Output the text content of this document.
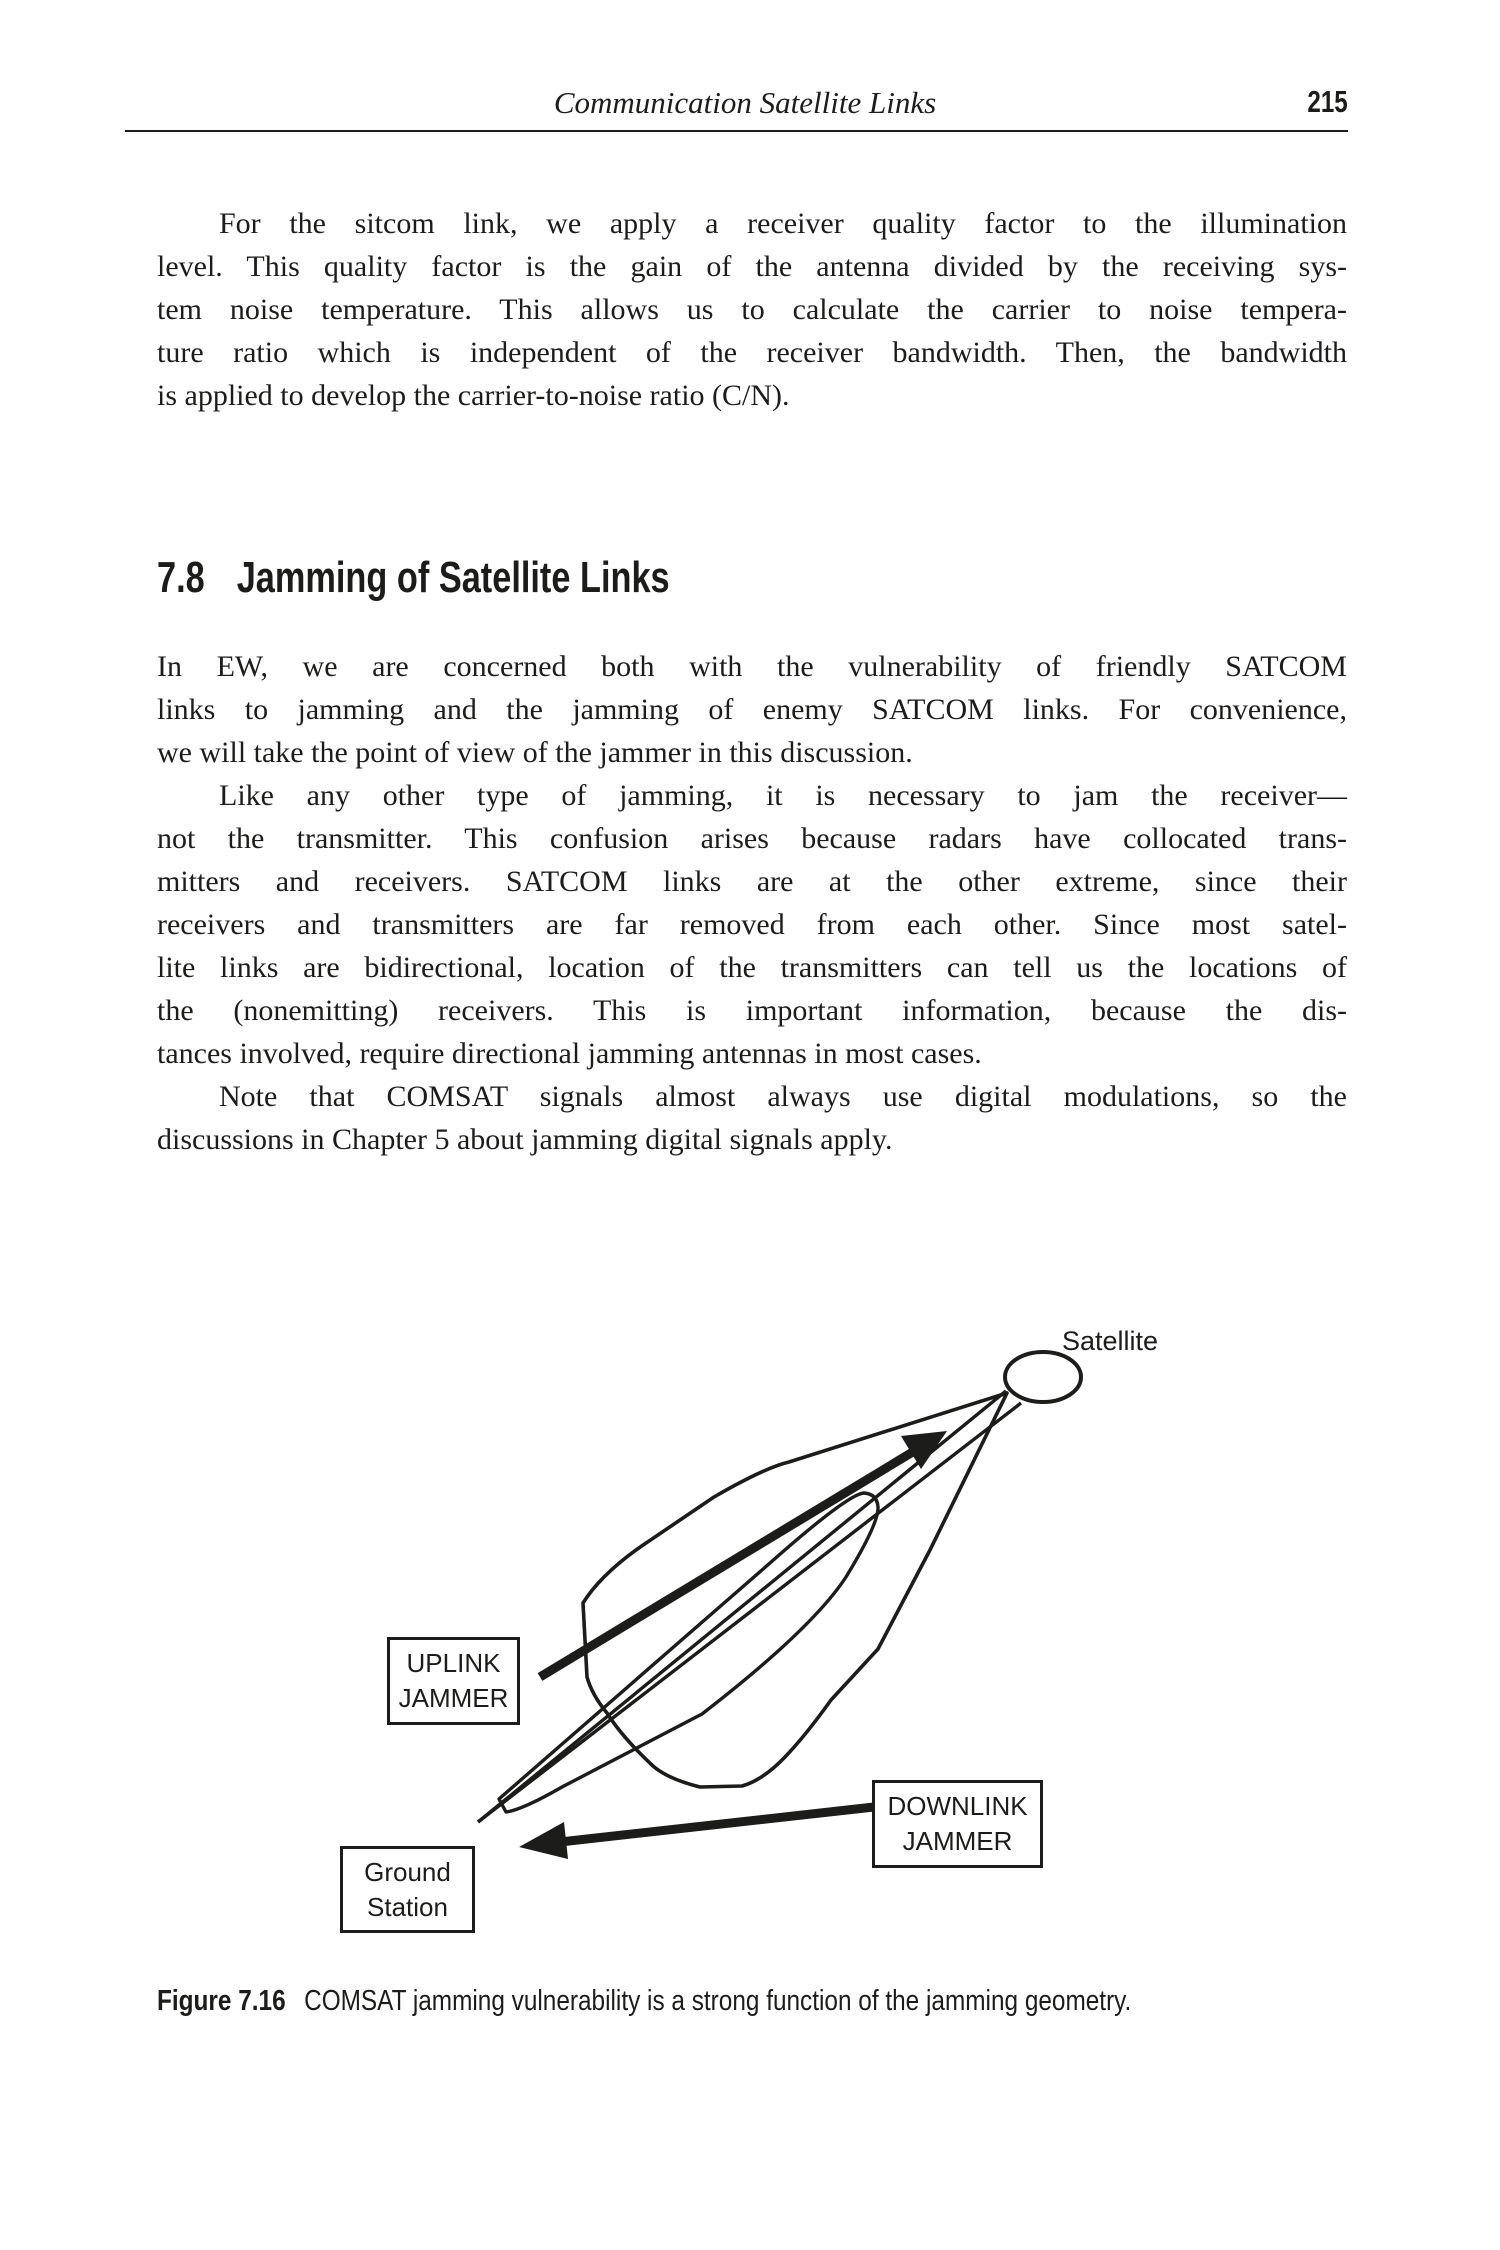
Communication Satellite Links	215
For the sitcom link, we apply a receiver quality factor to the illumination
level. This quality factor is the gain of the antenna divided by the receiving sys-
tem noise temperature. This allows us to calculate the carrier to noise tempera-
ture ratio which is independent of the receiver bandwidth. Then, the bandwidth
is applied to develop the carrier-to-noise ratio (C/N).
7.8 Jamming of Satellite Links
In EW, we are concerned both with the vulnerability of friendly SATCOM
links to jamming and the jamming of enemy SATCOM links. For convenience,
we will take the point of view of the jammer in this discussion.
Like any other type of jamming, it is necessary to jam the receiver—
not the transmitter. This confusion arises because radars have collocated trans-
mitters and receivers. SATCOM links are at the other extreme, since their
receivers and transmitters are far removed from each other. Since most satel-
lite links are bidirectional, location of the transmitters can tell us the locations of
the (nonemitting) receivers. This is important information, because the dis-
tances involved, require directional jamming antennas in most cases.
Note that COMSAT signals almost always use digital modulations, so the
discussions in Chapter 5 about jamming digital signals apply.
Satellite
UPLINK
JAMMER
DOWNLINK
JAMMER
Ground
Station
Figure 7.16 COMSAT jamming vulnerability is a strong function of the jamming geometry.
